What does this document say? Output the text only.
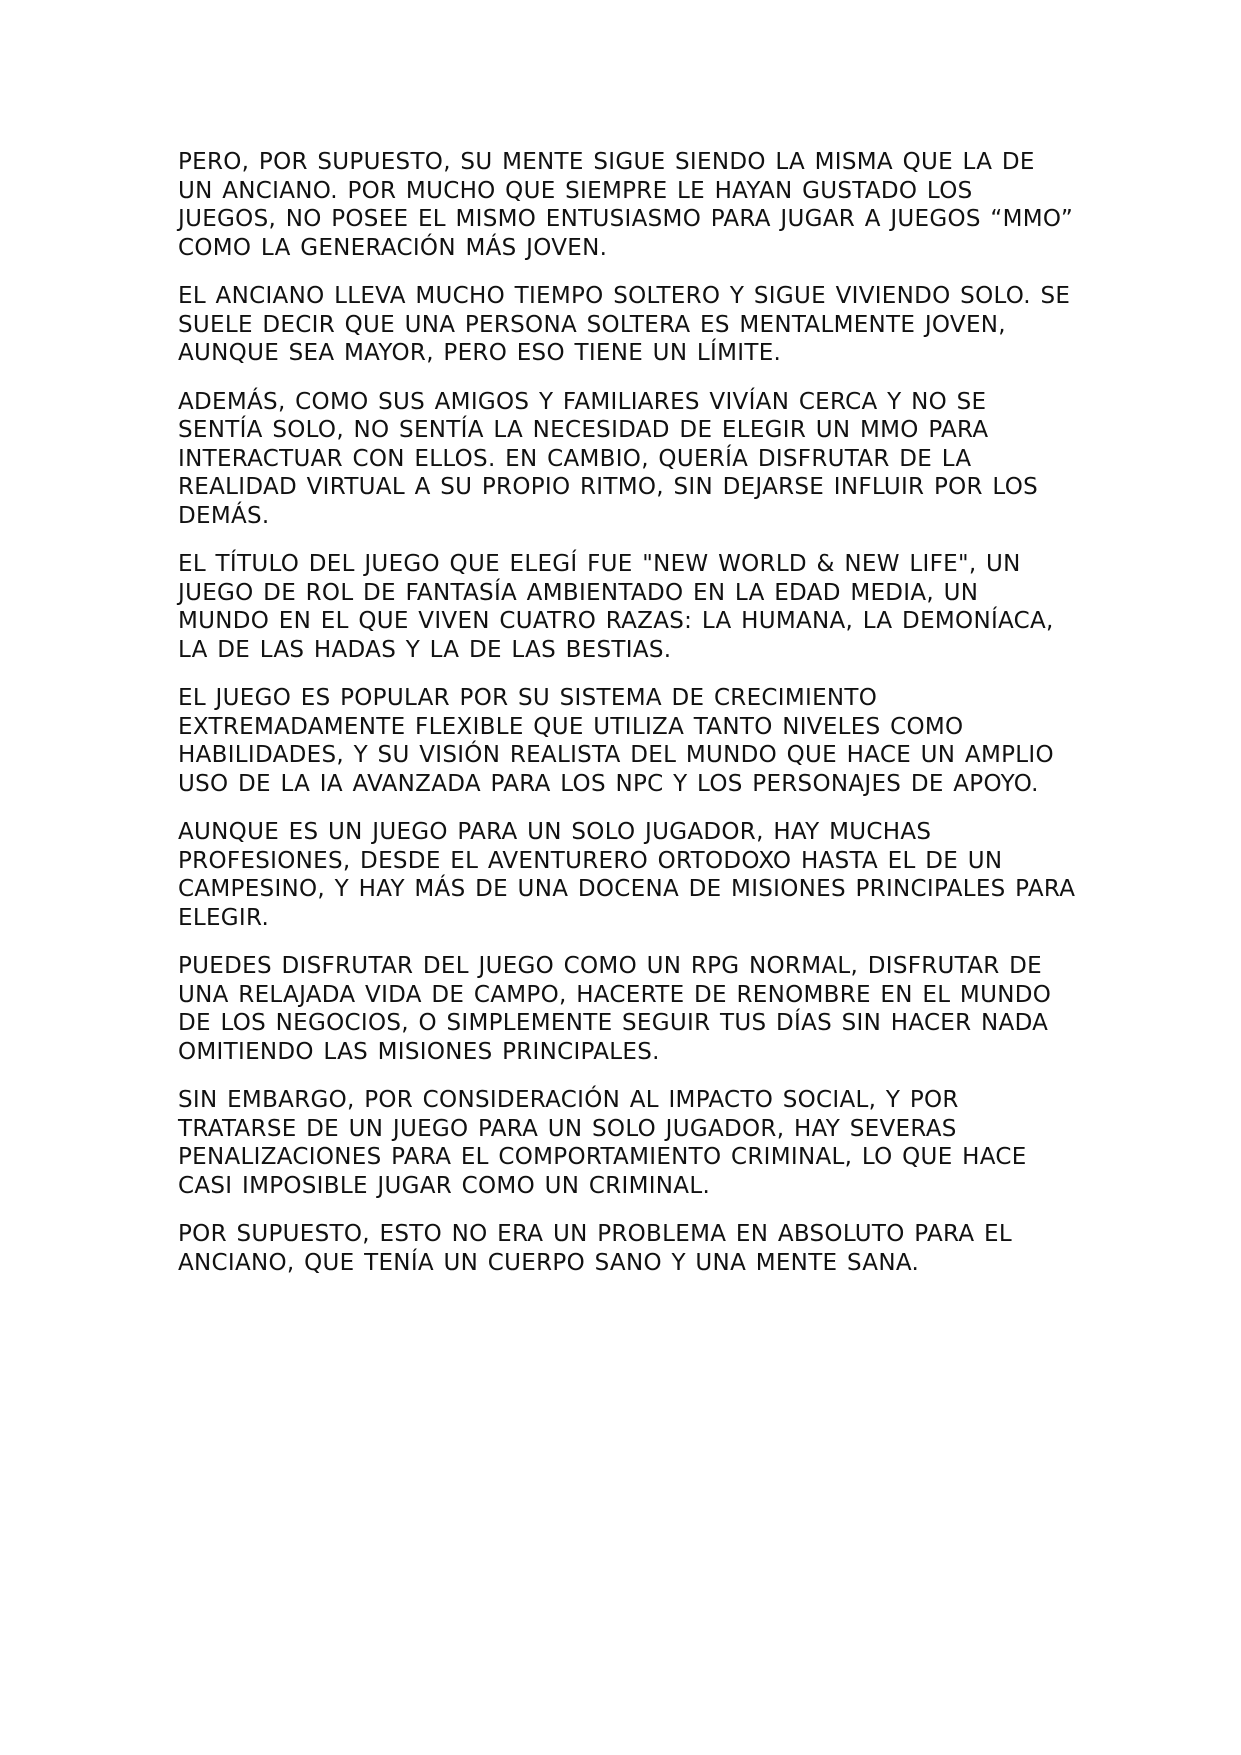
PERO, POR SUPUESTO, SU MENTE SIGUE SIENDO LA MISMA QUE LA DE UN ANCIANO. POR MUCHO QUE SIEMPRE LE HAYAN GUSTADO LOS JUEGOS, NO POSEE EL MISMO ENTUSIASMO PARA JUGAR A JUEGOS “MMO” COMO LA GENERACIÓN MÁS JOVEN.

EL ANCIANO LLEVA MUCHO TIEMPO SOLTERO Y SIGUE VIVIENDO SOLO. SE SUELE DECIR QUE UNA PERSONA SOLTERA ES MENTALMENTE JOVEN, AUNQUE SEA MAYOR, PERO ESO TIENE UN LÍMITE.

ADEMÁS, COMO SUS AMIGOS Y FAMILIARES VIVÍAN CERCA Y NO SE SENTÍA SOLO, NO SENTÍA LA NECESIDAD DE ELEGIR UN MMO PARA INTERACTUAR CON ELLOS. EN CAMBIO, QUERÍA DISFRUTAR DE LA REALIDAD VIRTUAL A SU PROPIO RITMO, SIN DEJARSE INFLUIR POR LOS DEMÁS.

EL TÍTULO DEL JUEGO QUE ELEGÍ FUE "NEW WORLD & NEW LIFE", UN JUEGO DE ROL DE FANTASÍA AMBIENTADO EN LA EDAD MEDIA, UN MUNDO EN EL QUE VIVEN CUATRO RAZAS: LA HUMANA, LA DEMONÍACA, LA DE LAS HADAS Y LA DE LAS BESTIAS.

EL JUEGO ES POPULAR POR SU SISTEMA DE CRECIMIENTO EXTREMADAMENTE FLEXIBLE QUE UTILIZA TANTO NIVELES COMO HABILIDADES, Y SU VISIÓN REALISTA DEL MUNDO QUE HACE UN AMPLIO USO DE LA IA AVANZADA PARA LOS NPC Y LOS PERSONAJES DE APOYO.

AUNQUE ES UN JUEGO PARA UN SOLO JUGADOR, HAY MUCHAS PROFESIONES, DESDE EL AVENTURERO ORTODOXO HASTA EL DE UN CAMPESINO, Y HAY MÁS DE UNA DOCENA DE MISIONES PRINCIPALES PARA ELEGIR.

PUEDES DISFRUTAR DEL JUEGO COMO UN RPG NORMAL, DISFRUTAR DE UNA RELAJADA VIDA DE CAMPO, HACERTE DE RENOMBRE EN EL MUNDO DE LOS NEGOCIOS, O SIMPLEMENTE SEGUIR TUS DÍAS SIN HACER NADA OMITIENDO LAS MISIONES PRINCIPALES.

SIN EMBARGO, POR CONSIDERACIÓN AL IMPACTO SOCIAL, Y POR TRATARSE DE UN JUEGO PARA UN SOLO JUGADOR, HAY SEVERAS PENALIZACIONES PARA EL COMPORTAMIENTO CRIMINAL, LO QUE HACE CASI IMPOSIBLE JUGAR COMO UN CRIMINAL.

POR SUPUESTO, ESTO NO ERA UN PROBLEMA EN ABSOLUTO PARA EL ANCIANO, QUE TENÍA UN CUERPO SANO Y UNA MENTE SANA.
